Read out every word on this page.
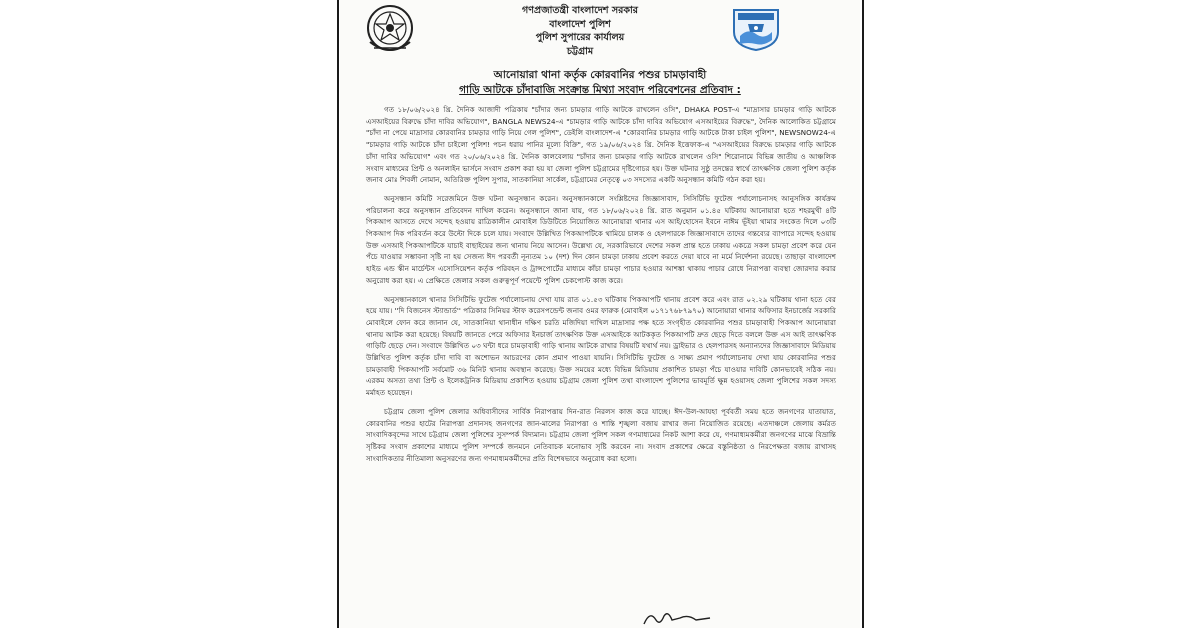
গণপ্রজাতন্ত্রী বাংলাদেশ সরকার
বাংলাদেশ পুলিশ
পুলিশ সুপারের কার্যালয়
চট্টগ্রাম
আনোয়ারা থানা কর্তৃক কোরবানির পশুর চামড়াবাহী
গাড়ি আটকে চাঁদাবাজি সংক্রান্ত মিথ্যা সংবাদ পরিবেশনের প্রতিবাদ :

গত ১৮/০৬/২০২৪ খ্রি. দৈনিক আজাদী পত্রিকায় "চাঁদার জন্য চামড়ার গাড়ি আটকে রাখলেন ওসি", DHAKA POST-এ "মাদ্রাসার চামড়ার গাড়ি আটকে এসআইয়ের বিরুদ্ধে চাঁদা দাবির অভিযোগ", BANGLA NEWS24-এ "চামড়ার গাড়ি আটকে চাঁদা দাবির অভিযোগ এসআইয়ের বিরুদ্ধে", দৈনিক আলোকিত চট্টগ্রামে "চাঁদা না পেয়ে মাদ্রাসার কোরবানির চামড়ার গাড়ি নিয়ে গেল পুলিশ", ডেইলি বাংলাদেশ-এ "কোরবানির চামড়ার গাড়ি আটকে টাকা চাইল পুলিশ", NEWSNOW24-এ "চামড়ার গাড়ি আটকে চাঁদা চাইলো পুলিশ! পচন ধরায় পানির মূল্যে বিক্রি", গত ১৯/০৬/২০২৪ খ্রি. দৈনিক ইত্তেফাক-এ "এসআইয়ের বিরুদ্ধে চামড়ার গাড়ি আটকে চাঁদা দাবির অভিযোগ" এবং গত ২০/০৬/২০২৪ খ্রি. দৈনিক কালবেলায় "চাঁদার জন্য চামড়ার গাড়ি আটকে রাখলেন ওসি" শিরোনামে বিভিন্ন জাতীয় ও আঞ্চলিক সংবাদ মাধ্যমের প্রিন্ট ও অনলাইন ভার্সনে সংবাদ প্রকাশ করা হয় যা জেলা পুলিশ চট্টগ্রামের দৃষ্টিগোচর হয়। উক্ত ঘটনার সুষ্ঠু তদন্তের স্বার্থে তাৎক্ষণিক জেলা পুলিশ কর্তৃক জনাব মোঃ শিবলী নোমান, অতিরিক্ত পুলিশ সুপার, সাতকানিয়া সার্কেল, চট্টগ্রামের নেতৃত্বে ০৩ সদস্যের একটি অনুসন্ধান কমিটি গঠন করা হয়।

অনুসন্ধান কমিটি সরেজমিনে উক্ত ঘটনা অনুসন্ধান করেন। অনুসন্ধানকালে সংশ্লিষ্টদের জিজ্ঞাসাবাদ, সিসিটিভি ফুটেজ পর্যালোচনাসহ আনুসঙ্গিক কার্যক্রম পরিচালনা করে অনুসন্ধান প্রতিবেদন দাখিল করেন। অনুসন্ধানে জানা যায়, গত ১৮/০৬/২০২৪ খ্রি. রাত অনুমান ০১.৪৫ ঘটিকায় আনোয়ারা হতে শহরমুখী ৪টি পিকআপ আসতে দেখে সন্দেহ হওয়ায় রাত্রিকালীন মোবাইল ডিউটিতে নিয়োজিত আনোয়ারা থানার এস আই/হোসেন ইবনে নাঈম ভূঁইয়া থামার সংকেত দিলে ০৩টি পিকআপ দিক পরিবর্তন করে উল্টো দিকে চলে যায়। সংবাদে উল্লিখিত পিকআপটিকে থামিয়ে চালক ও হেলপারকে জিজ্ঞাসাবাদে তাদের গন্তব্যের ব্যাপারে সন্দেহ হওয়ায় উক্ত এসআই পিকআপটিকে যাচাই বাছাইয়ের জন্য থানায় নিয়ে আসেন। উল্লেখ্য যে, সরকারিভাবে দেশের সকল প্রান্ত হতে ঢাকায় একত্রে সকল চামড়া প্রবেশ করে যেন পঁচে যাওয়ার সম্ভাবনা সৃষ্টি না হয় সেজন্য ঈদ পরবর্তী নূন্যতম ১০ (দশ) দিন কোন চামড়া ঢাকায় প্রবেশ করতে দেয়া যাবে না মর্মে নির্দেশনা রয়েছে। তাছাড়া বাংলাদেশ হাইড এন্ড স্কীন মার্চেন্টস এসোসিয়েশন কর্তৃক পরিবহন ও ট্রান্সপোর্টের মাধ্যমে কাঁচা চামড়া পাচার হওয়ার আশঙ্কা থাকায় পাচার রোধে নিরাপত্তা ব্যবস্থা জোরদার করার অনুরোধ করা হয়। এ প্রেক্ষিতে জেলার সকল গুরুত্বপূর্ণ পয়েন্টে পুলিশ চেকপোস্ট কাজ করে।

অনুসন্ধানকালে থানার সিসিটিভি ফুটেজ পর্যালোচনায় দেখা যায় রাত ০১.৫৩ ঘটিকায় পিকআপটি থানায় প্রবেশ করে এবং রাত ০২.২৯ ঘটিকায় থানা হতে বের হয়ে যায়। ''দি বিজনেস স্ট্যান্ডার্ড'' পত্রিকার সিনিয়র স্টাফ করেসপন্ডেন্ট জনাব ওমর ফারুক (মোবাইল ০১৭১৭৬৮৭৯৭০) আনোয়ারা থানার অফিসার ইনচার্জের সরকারি মোবাইলে ফোন করে জানান যে, সাতকানিয়া থানাধীন দক্ষিণ চরতি মজিদিয়া দাখিল মাদ্রাসার পক্ষ হতে সংগৃহীত কোরবানির পশুর চামড়াবাহী পিকআপ আনোয়ারা থানায় আটক করা হয়েছে। বিষয়টি জানতে পেরে অফিসার ইনচার্জ তাৎক্ষণিক উক্ত এসআইকে আটককৃত পিকআপটি দ্রুত ছেড়ে দিতে বললে উক্ত এস আই তাৎক্ষণিক গাড়িটি ছেড়ে দেন। সংবাদে উল্লিখিত ০৩ ঘন্টা ধরে চামড়াবাহী গাড়ি থানায় আটকে রাখার বিষয়টি যথার্থ নয়। ড্রাইভার ও হেলপারসহ অন্যান্যদের জিজ্ঞাসাবাদে মিডিয়ায় উল্লিখিত পুলিশ কর্তৃক চাঁদা দাবি বা অশোভন আচরণের কোন প্রমাণ পাওয়া যায়নি। সিসিটিভি ফুটেজ ও সাক্ষ্য প্রমাণ পর্যালোচনায় দেখা যায় কোরবানির পশুর চামড়াবাহী পিকআপটি সর্বমোট ৩৬ মিনিট থানায় অবস্থান করেছে। উক্ত সময়ের মধ্যে বিভিন্ন মিডিয়ায় প্রকাশিত চামড়া পঁচে যাওয়ার দাবিটি কোনভাবেই সঠিক নয়। এরকম অসত্য তথ্য প্রিন্ট ও ইলেকট্রনিক মিডিয়ায় প্রকাশিত হওয়ায় চট্টগ্রাম জেলা পুলিশ তথা বাংলাদেশ পুলিশের ভাবমূর্তি ক্ষুন্ন হওয়াসহ জেলা পুলিশের সকল সদস্য মর্মাহত হয়েছেন।

চট্টগ্রাম জেলা পুলিশ জেলার অধিবাসীদের সার্বিক নিরাপত্তায় দিন-রাত নিরলস কাজ করে যাচ্ছে। ঈদ-উল-আযহা পূর্ববর্তী সময় হতে জনগণের যাতায়াত, কোরবানির পশুর হাটের নিরাপত্তা প্রদানসহ জনগণের জান-মালের নিরাপত্তা ও শান্তি শৃঙ্খলা বজায় রাখার জন্য নিয়োজিত রয়েছে। এতদাঞ্চলে জেলায় কর্মরত সাংবাদিকবৃন্দের সাথে চট্টগ্রাম জেলা পুলিশের সুসম্পর্ক বিদ্যমান। চট্টগ্রাম জেলা পুলিশ সকল গণমাধ্যমের নিকট আশা করে যে, গণমাধ্যমকর্মীরা জনগণের মাঝে বিভ্রান্তি সৃষ্টিকর সংবাদ প্রকাশের মাধ্যমে পুলিশ সম্পর্কে জনমনে নেতিবাচক মনোভাব সৃষ্টি করবেন না। সংবাদ প্রকাশের ক্ষেত্রে বস্তুনিষ্ঠতা ও নিরপেক্ষতা বজায় রাখাসহ সাংবাদিকতার নীতিমালা অনুসরণের জন্য গণমাধ্যমকর্মীদের প্রতি বিশেষভাবে অনুরোধ করা হলো।
